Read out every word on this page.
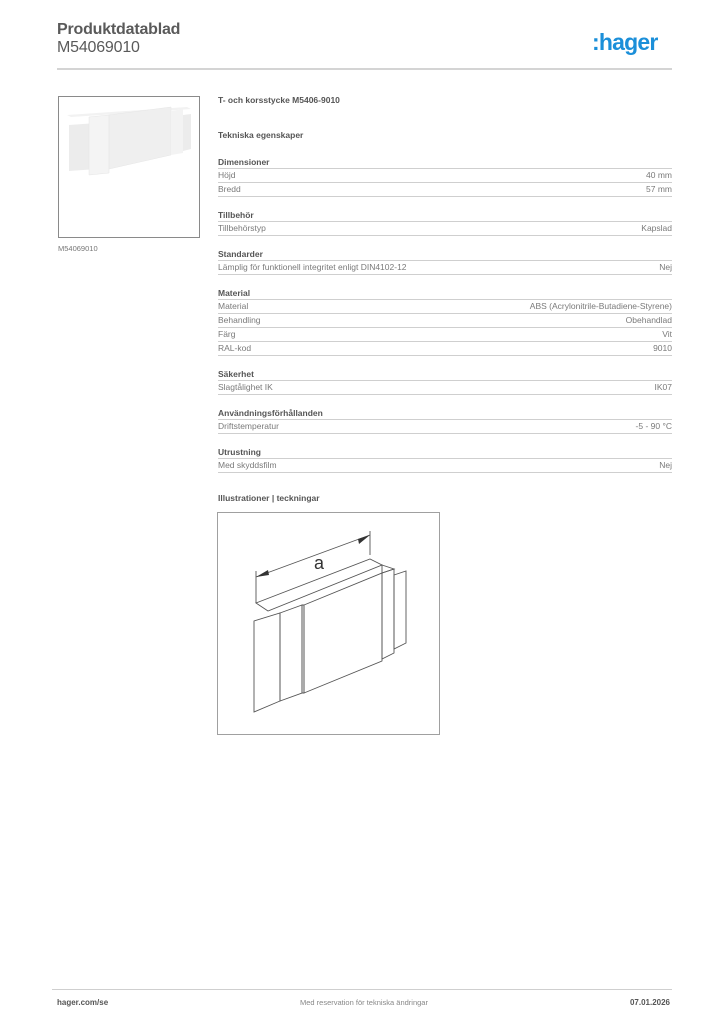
Produktdatablad
M54069010	:hager
M54069010
T- och korsstycke M5406-9010
Tekniska egenskaper
Dimensioner
Höjd	40 mm
Bredd	57 mm
Tillbehör
Tillbehörstyp	Kapslad
Standarder
Lämplig för funktionell integritet enligt DIN4102-12	Nej
Material
Material	ABS (Acrylonitrile-Butadiene-Styrene)
Behandling	Obehandlad
Färg	Vit
RAL-kod	9010
Säkerhet
Slagtålighet IK	IK07
Användningsförhållanden
Driftstemperatur	-5 - 90 °C
Utrustning
Med skyddsfilm	Nej
Illustrationer | teckningar
a
hager.com/se	Med reservation för tekniska ändringar	07.01.2026
